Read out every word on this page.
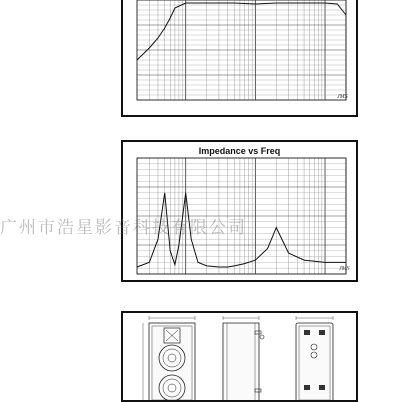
JMS
Impedance vs Freq
JMS
广州市浩星影音科技有限公司
